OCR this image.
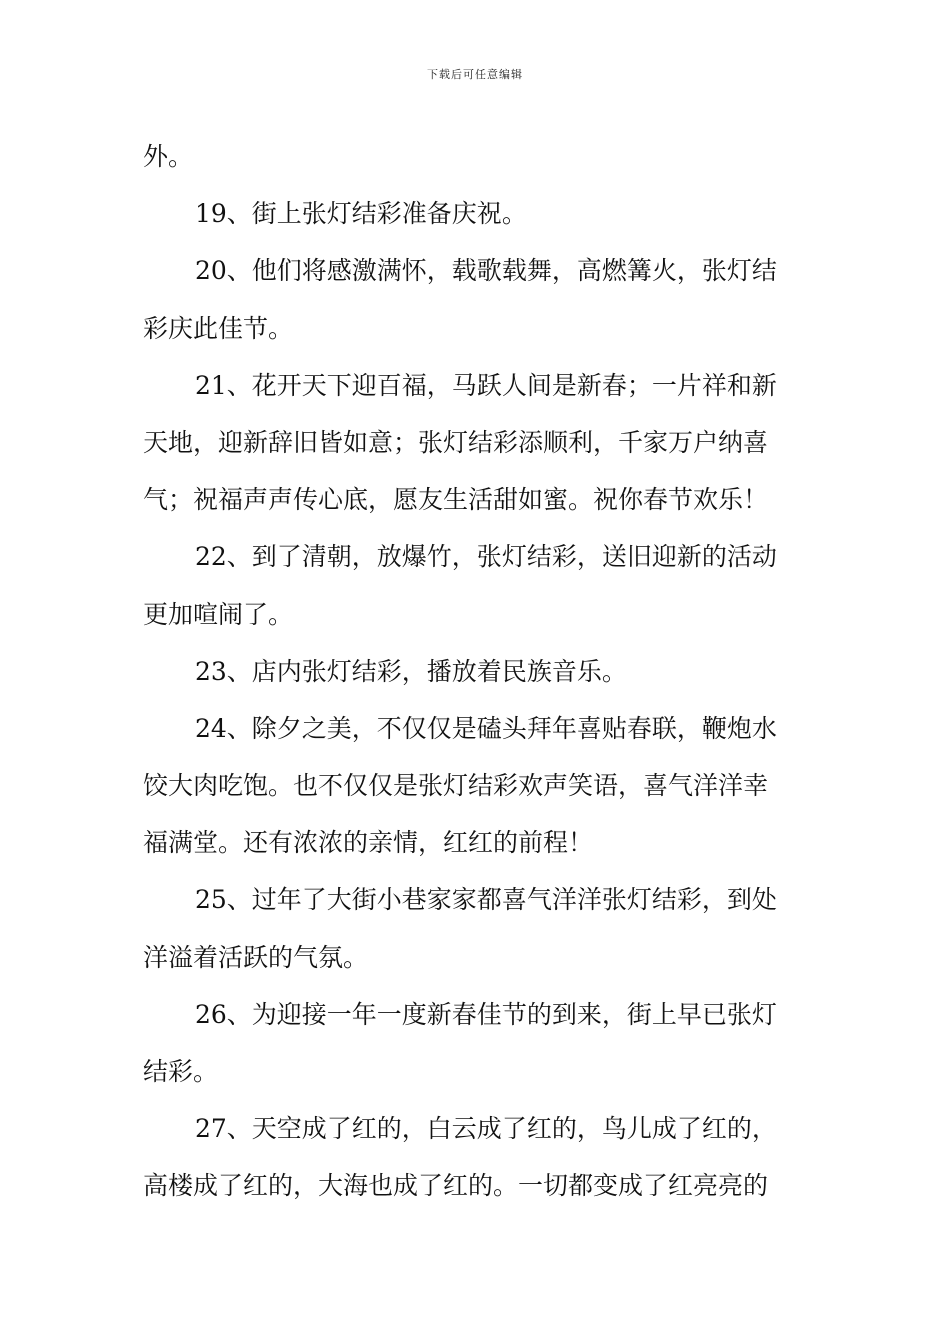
下载后可任意编辑
外。
19、街上张灯结彩准备庆祝。
20、他们将感激满怀，载歌载舞，高燃篝火，张灯结
彩庆此佳节。
21、花开天下迎百福，马跃人间是新春；一片祥和新
天地，迎新辞旧皆如意；张灯结彩添顺利，千家万户纳喜
气；祝福声声传心底，愿友生活甜如蜜。祝你春节欢乐！
22、到了清朝，放爆竹，张灯结彩，送旧迎新的活动
更加喧闹了。
23、店内张灯结彩，播放着民族音乐。
24、除夕之美，不仅仅是磕头拜年喜贴春联，鞭炮水
饺大肉吃饱。也不仅仅是张灯结彩欢声笑语，喜气洋洋幸
福满堂。还有浓浓的亲情，红红的前程！
25、过年了大街小巷家家都喜气洋洋张灯结彩，到处
洋溢着活跃的气氛。
26、为迎接一年一度新春佳节的到来，街上早已张灯
结彩。
27、天空成了红的，白云成了红的，鸟儿成了红的，
高楼成了红的，大海也成了红的。一切都变成了红亮亮的
